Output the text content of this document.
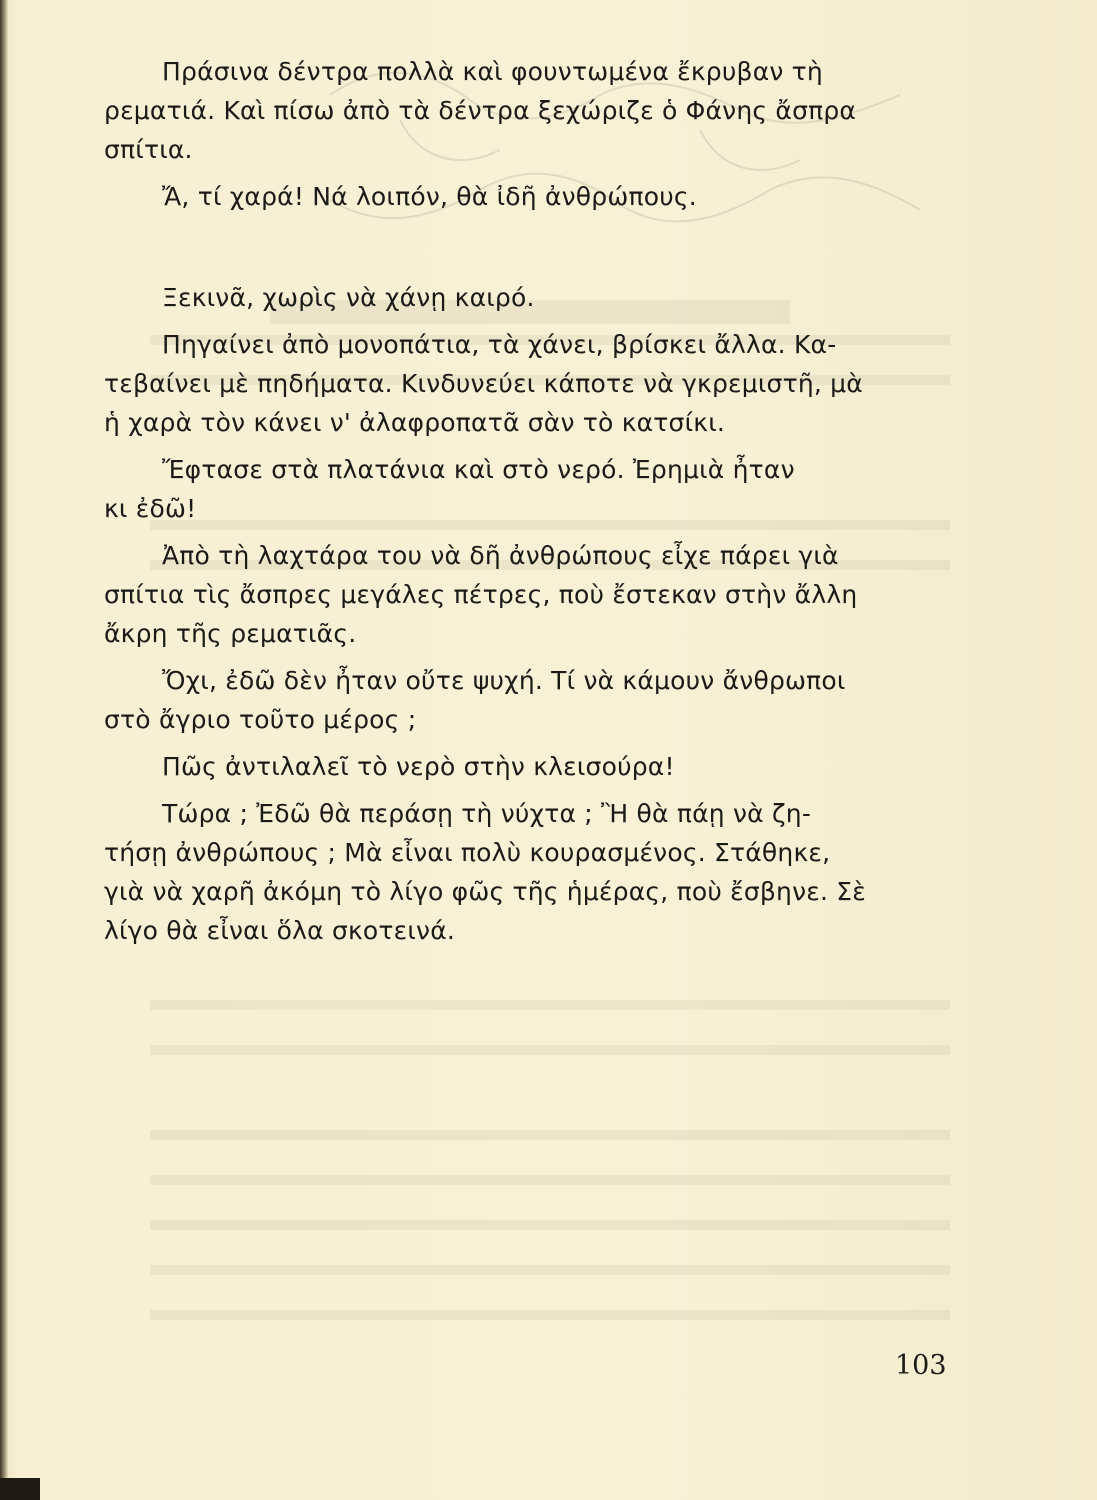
Πράσινα δέντρα πολλὰ καὶ φουντωμένα ἔκρυβαν τὴ
ρεματιά. Καὶ πίσω ἀπὸ τὰ δέντρα ξεχώριζε ὁ Φάνης ἄσπρα
σπίτια.

Ἄ, τί χαρά! Νά λοιπόν, θὰ ἰδῆ ἀνθρώπους.

Ξεκινᾶ, χωρὶς νὰ χάνῃ καιρό.

Πηγαίνει ἀπὸ μονοπάτια, τὰ χάνει, βρίσκει ἄλλα. Κα-
τεβαίνει μὲ πηδήματα. Κινδυνεύει κάποτε νὰ γκρεμιστῆ, μὰ
ἡ χαρὰ τὸν κάνει ν' ἀλαφροπατᾶ σὰν τὸ κατσίκι.

Ἔφτασε στὰ πλατάνια καὶ στὸ νερό. Ἐρημιὰ ἦταν
κι ἐδῶ!

Ἀπὸ τὴ λαχτάρα του νὰ δῆ ἀνθρώπους εἶχε πάρει γιὰ
σπίτια τὶς ἄσπρες μεγάλες πέτρες, ποὺ ἔστεκαν στὴν ἄλλη
ἄκρη τῆς ρεματιᾶς.

Ὄχι, ἐδῶ δὲν ἦταν οὔτε ψυχή. Τί νὰ κάμουν ἄνθρωποι
στὸ ἄγριο τοῦτο μέρος ;

Πῶς ἀντιλαλεῖ τὸ νερὸ στὴν κλεισούρα!

Τώρα ; Ἐδῶ θὰ περάσῃ τὴ νύχτα ; Ἢ θὰ πάῃ νὰ ζη-
τήσῃ ἀνθρώπους ; Μὰ εἶναι πολὺ κουρασμένος. Στάθηκε,
γιὰ νὰ χαρῆ ἀκόμη τὸ λίγο φῶς τῆς ἡμέρας, ποὺ ἔσβηνε. Σὲ
λίγο θὰ εἶναι ὅλα σκοτεινά.

103
